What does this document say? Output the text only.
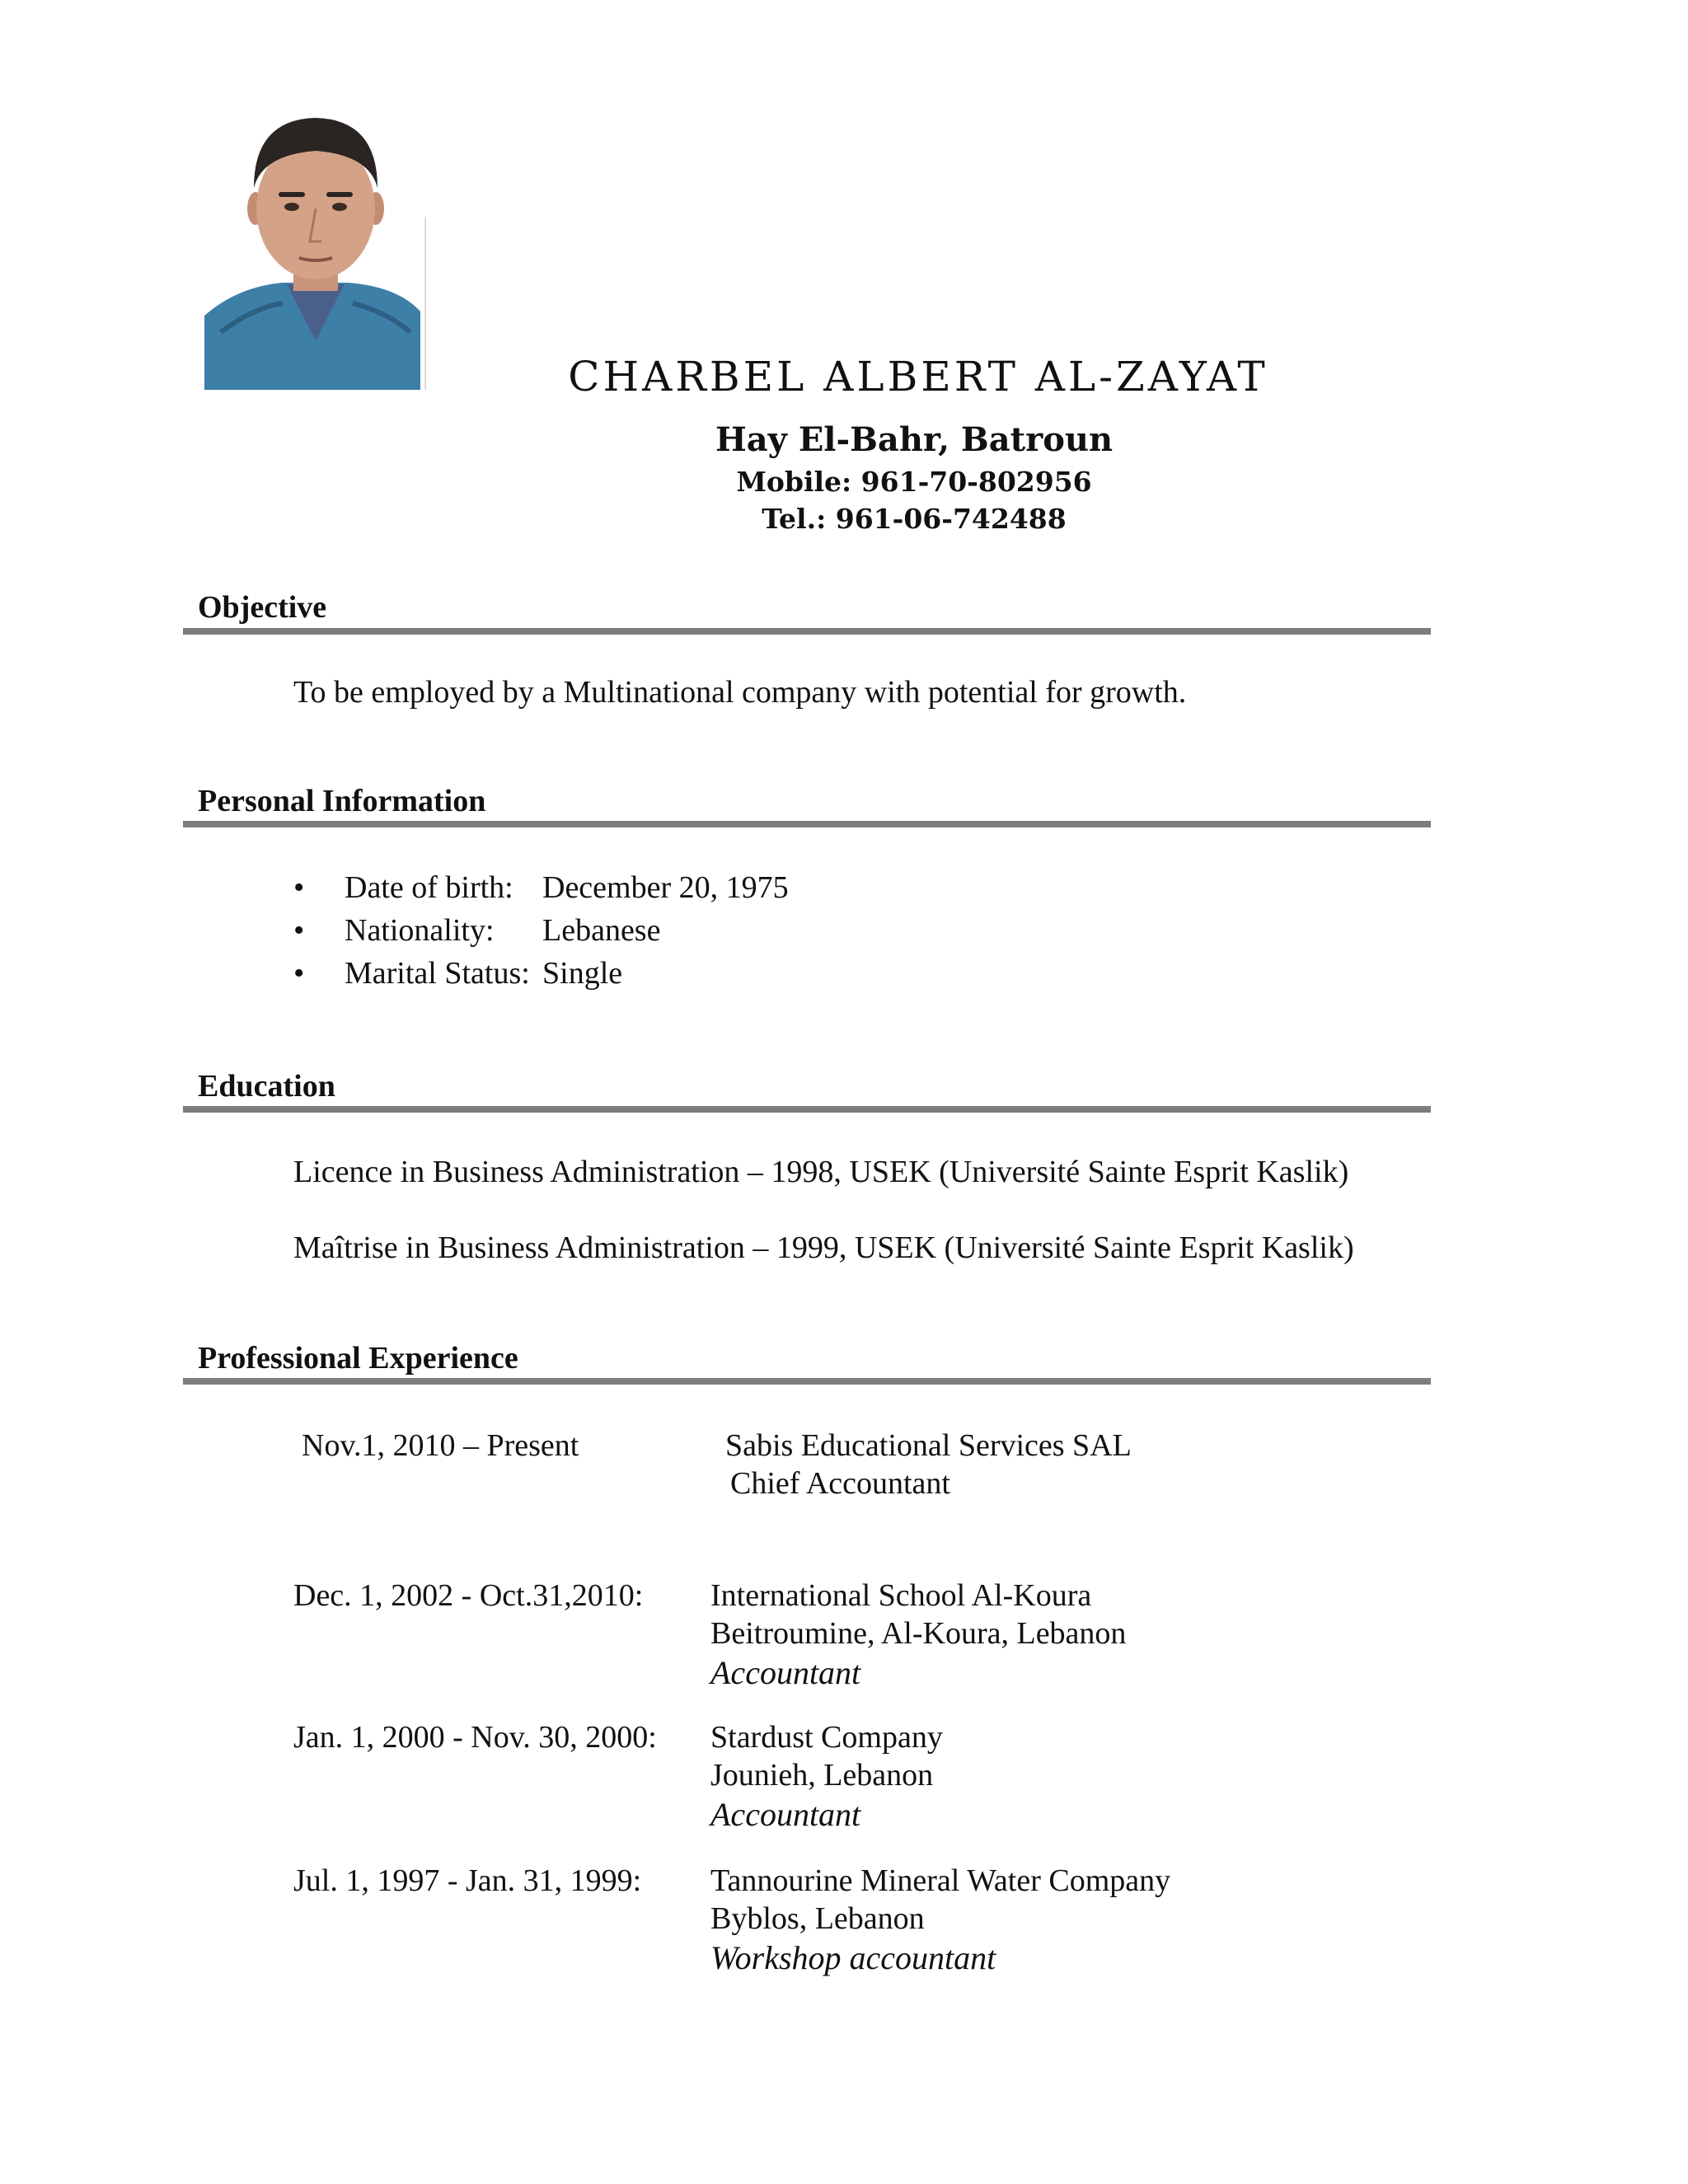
CHARBEL ALBERT AL-ZAYAT
Hay El-Bahr, Batroun
Mobile: 961-70-802956
Tel.: 961-06-742488
Objective
To be employed by a Multinational company with potential for growth.
Personal Information
• Date of birth: December 20, 1975
• Nationality: Lebanese
• Marital Status: Single
Education
Licence in Business Administration – 1998, USEK (Université Sainte Esprit Kaslik)
Maîtrise in Business Administration – 1999, USEK (Université Sainte Esprit Kaslik)
Professional Experience
Nov.1, 2010 – Present	Sabis Educational Services SAL
Chief Accountant
Dec. 1, 2002 - Oct.31,2010: International School Al-Koura
Beitroumine, Al-Koura, Lebanon
Accountant
Jan. 1, 2000 - Nov. 30, 2000: Stardust Company
Jounieh, Lebanon
Accountant
Jul. 1, 1997 - Jan. 31, 1999: Tannourine Mineral Water Company
Byblos, Lebanon
Workshop accountant
